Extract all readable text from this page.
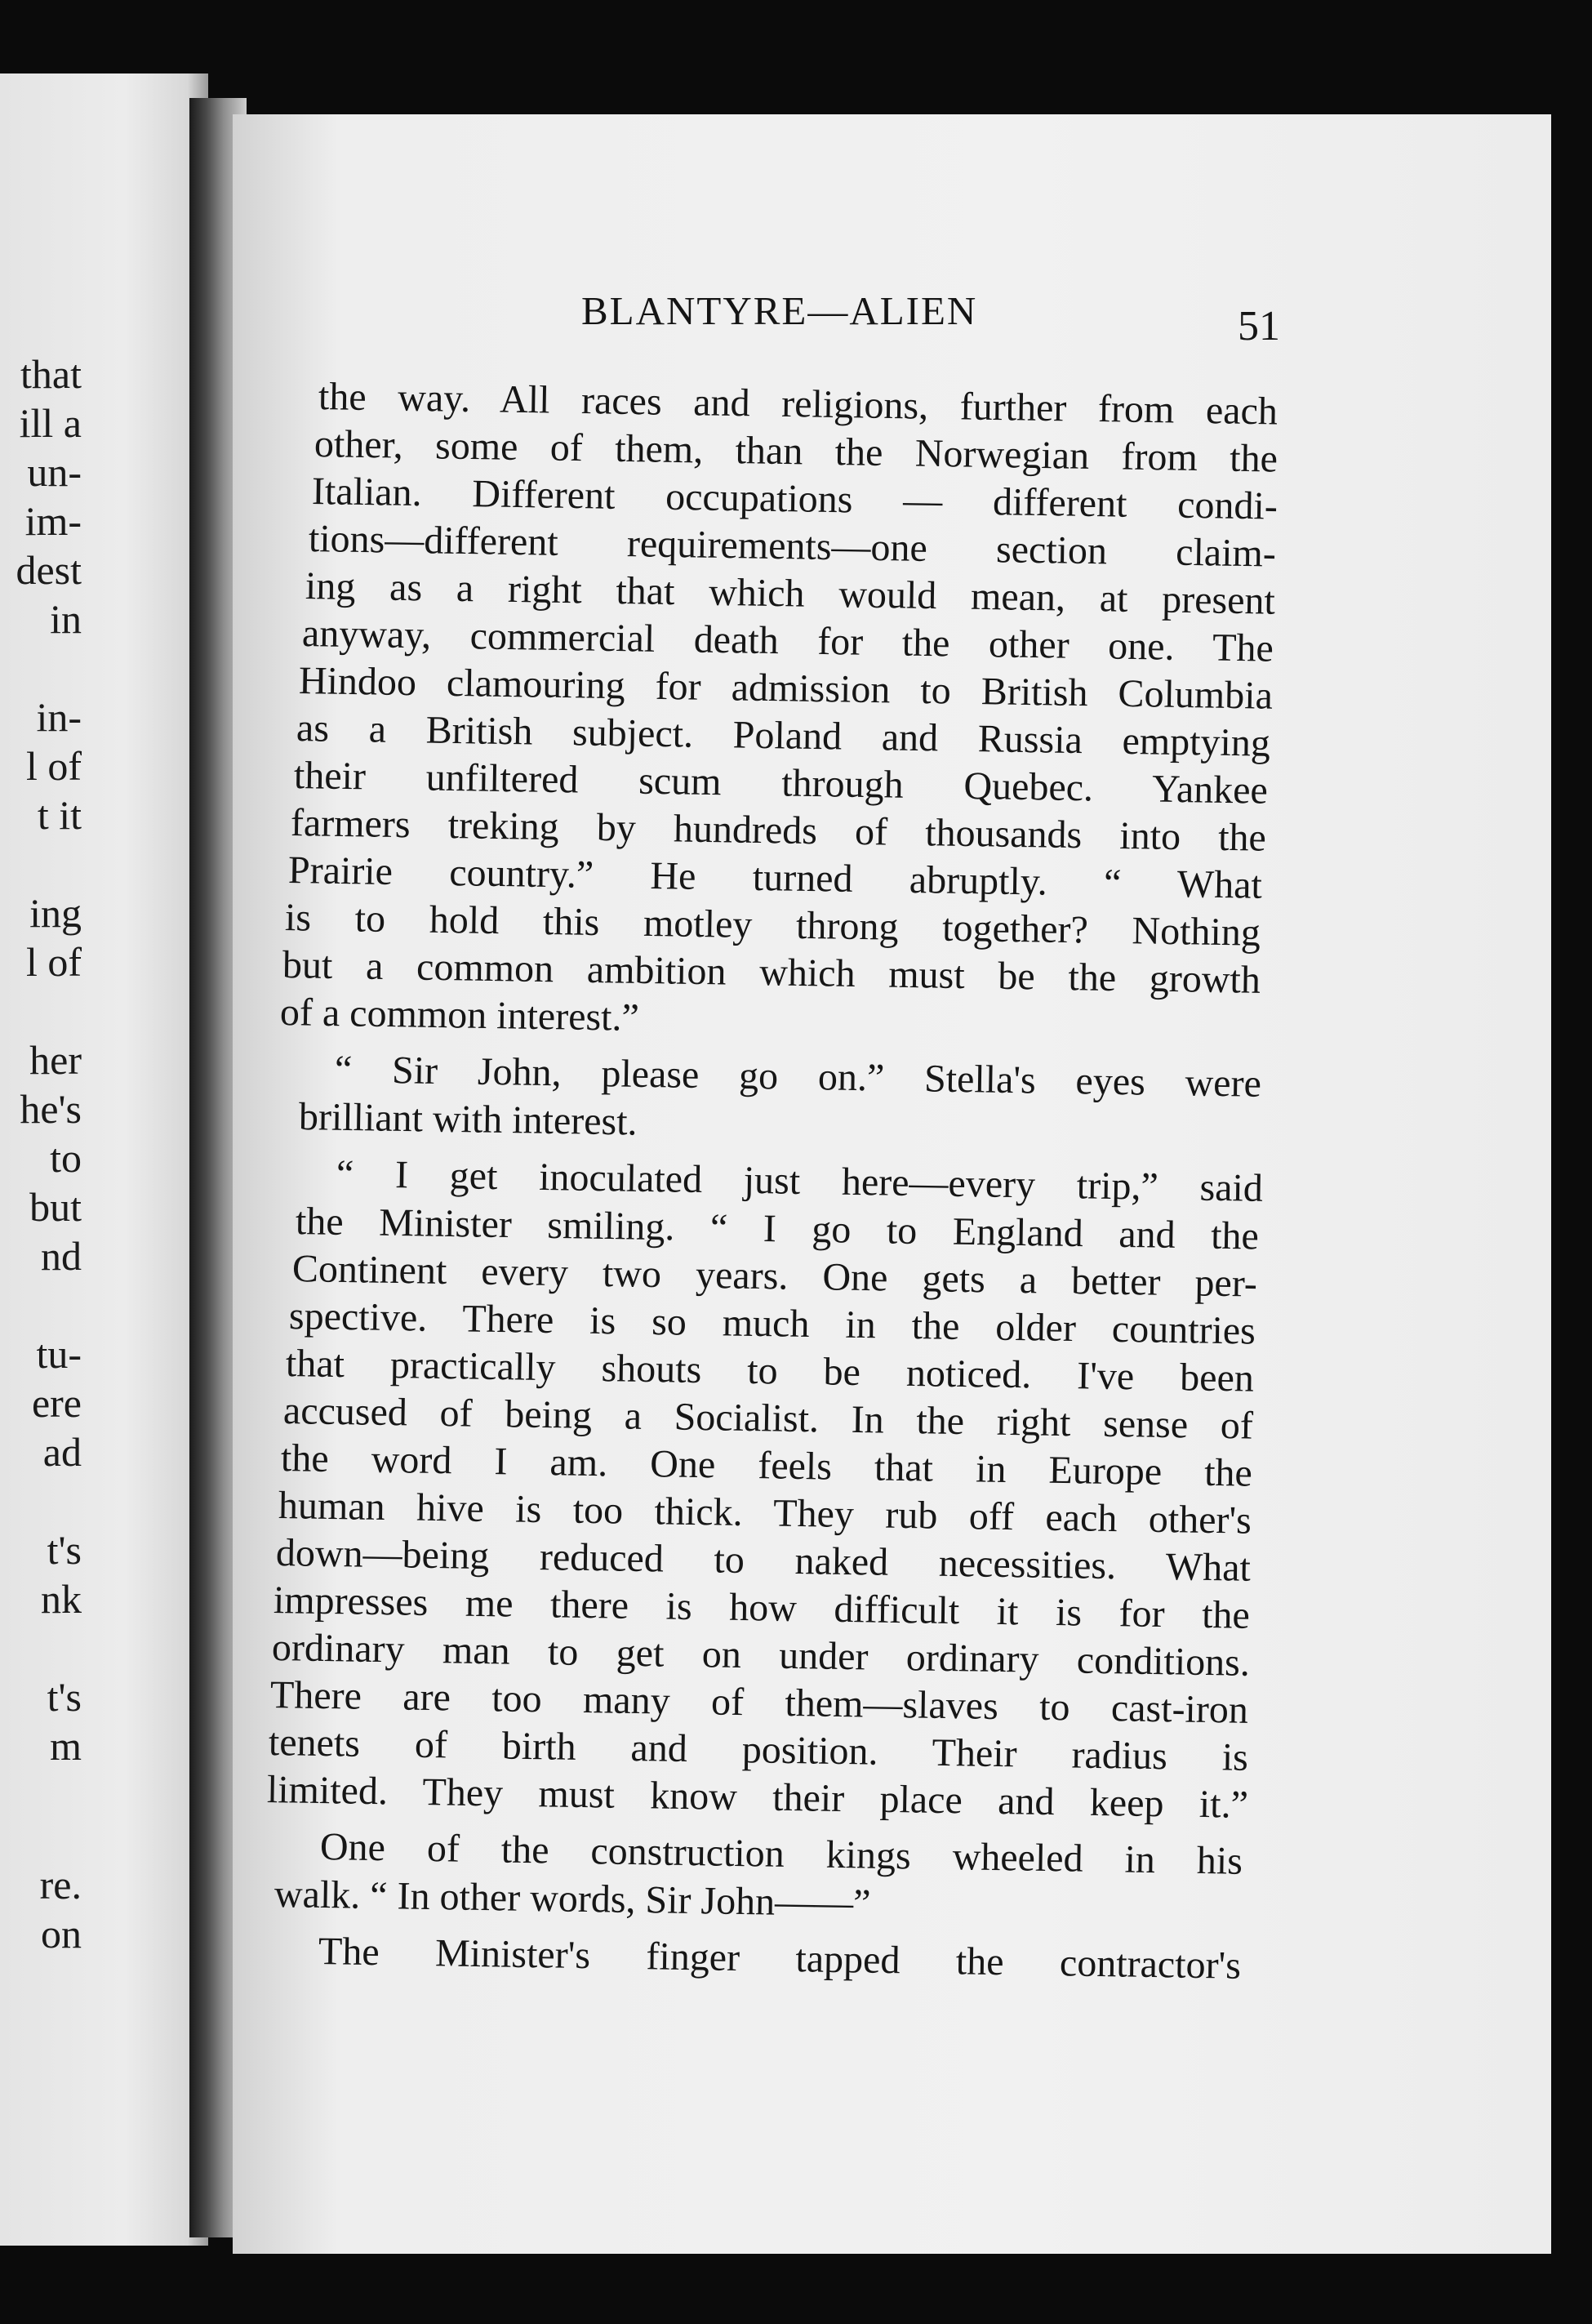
that
ill a
un-
im-
dest
in
in-
l of
t it
ing
l of
her
he's
to
but
nd
tu-
ere
ad
t's
nk
t's
m
re.
on
BLANTYRE—ALIEN	51
the way. All races and religions, further from each
other, some of them, than the Norwegian from the
Italian. Different occupations — different condi-
tions—different requirements—one section claim-
ing as a right that which would mean, at present
anyway, commercial death for the other one. The
Hindoo clamouring for admission to British Columbia
as a British subject. Poland and Russia emptying
their unfiltered scum through Quebec. Yankee
farmers treking by hundreds of thousands into the
Prairie country.” He turned abruptly. “ What
is to hold this motley throng together? Nothing
but a common ambition which must be the growth
of a common interest.”
“ Sir John, please go on.” Stella's eyes were
brilliant with interest.
“ I get inoculated just here—every trip,” said
the Minister smiling. “ I go to England and the
Continent every two years. One gets a better per-
spective. There is so much in the older countries
that practically shouts to be noticed. I've been
accused of being a Socialist. In the right sense of
the word I am. One feels that in Europe the
human hive is too thick. They rub off each other's
down—being reduced to naked necessities. What
impresses me there is how difficult it is for the
ordinary man to get on under ordinary conditions.
There are too many of them—slaves to cast-iron
tenets of birth and position. Their radius is
limited. They must know their place and keep it.”
One of the construction kings wheeled in his
walk. “ In other words, Sir John——”
The Minister's finger tapped the contractor's
